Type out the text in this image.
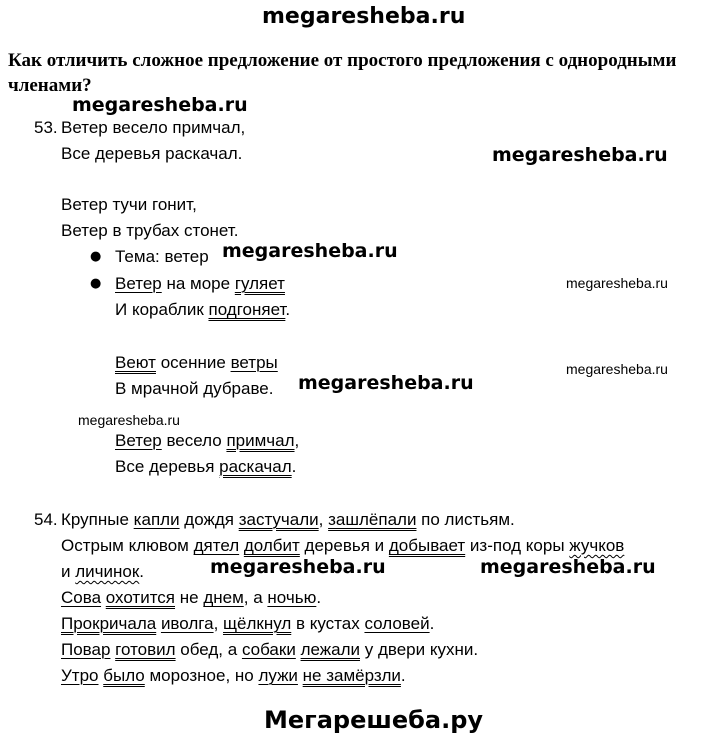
megaresheba.ru
Как отличить сложное предложение от простого предложения с однородными членами?
megaresheba.ru
megaresheba.ru
megaresheba.ru
megaresheba.ru
megaresheba.ru
megaresheba.ru
megaresheba.ru
megaresheba.ru	megaresheba.ru
53. Ветер весело примчал,
Все деревья раскачал.
Ветер тучи гонит,
Ветер в трубах стонет.
● Тема: ветер
● Ветер на море гуляет
И кораблик подгоняет.
Веют осенние ветры
В мрачной дубраве.
Ветер весело примчал,
Все деревья раскачал.
54. Крупные капли дождя застучали, зашлёпали по листьям.
Острым клювом дятел долбит деревья и добывает из-под коры жучков
и личинок.
Сова охотится не днем, а ночью.
Прокричала иволга, щёлкнул в кустах соловей.
Повар готовил обед, а собаки лежали у двери кухни.
Утро было морозное, но лужи не замёрзли.
Мегарешеба.ру
